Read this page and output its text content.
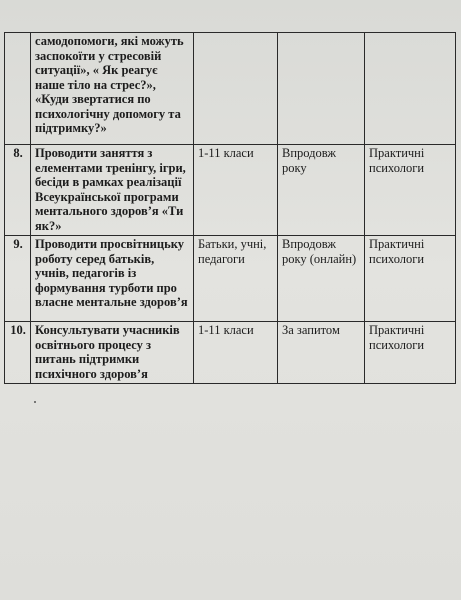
	самодопомоги, які можуть заспокоїти у стресовій ситуації», « Як реагує наше тіло на стрес?», «Куди звертатися по психологічну допомогу та підтримку?»			
8.	Проводити заняття з елементами тренінгу, ігри, бесіди в рамках реалізації Всеукраїнської програми ментального здоров’я «Ти як?»	1-11 класи	Впродовж року	Практичні психологи
9.	Проводити просвітницьку роботу серед батьків, учнів, педагогів із формування турботи про власне ментальне здоров’я	Батьки, учні, педагоги	Впродовж року (онлайн)	Практичні психологи
10.	Консультувати учасників освітнього процесу з питань підтримки психічного здоров’я	1-11 класи	За запитом	Практичні психологи
